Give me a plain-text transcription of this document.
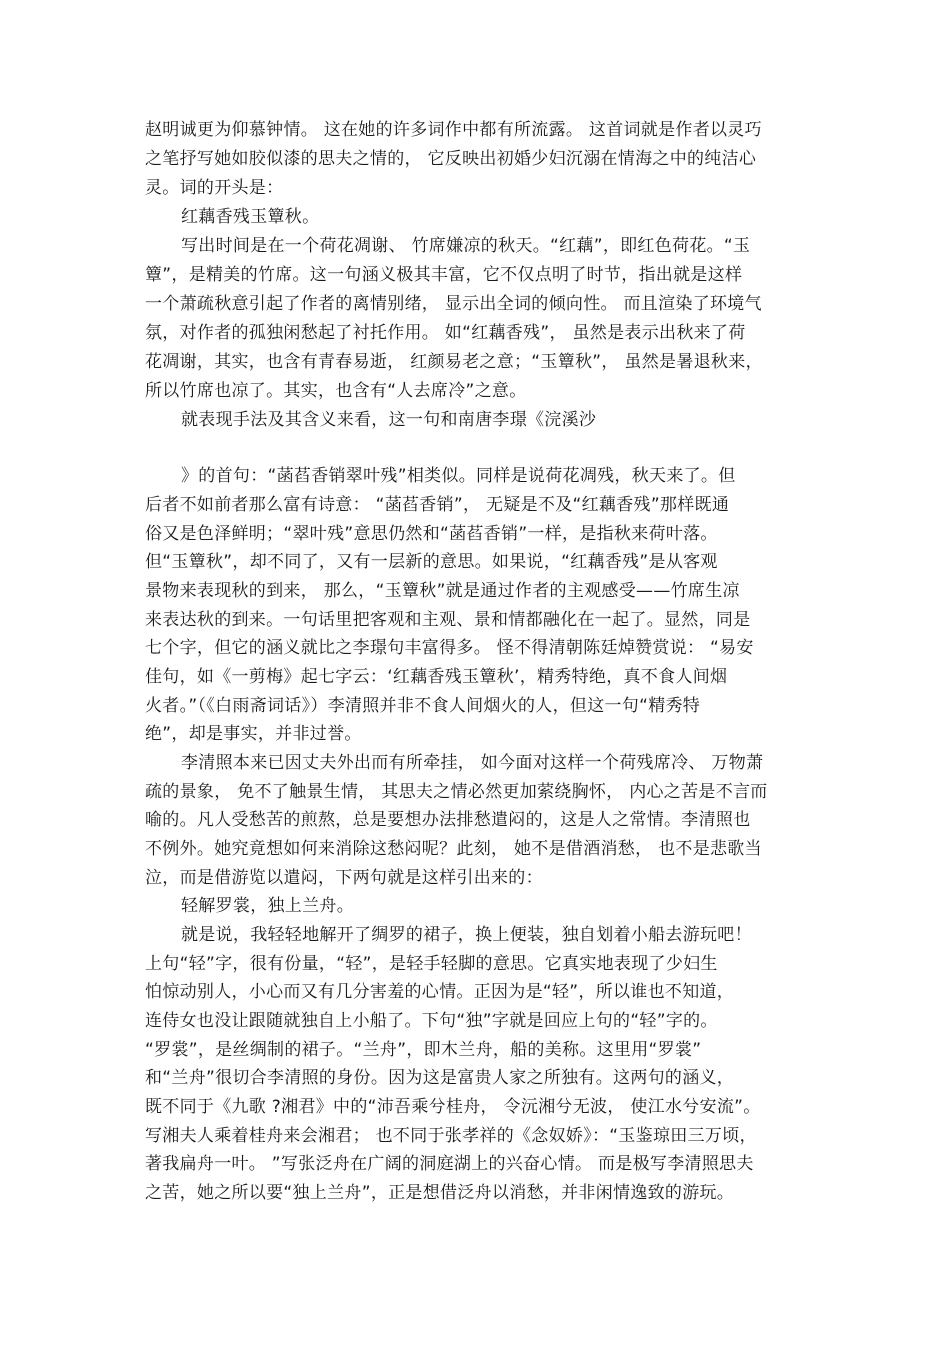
赵明诚更为仰慕钟情。 这在她的许多词作中都有所流露。 这首词就是作者以灵巧
之笔抒写她如胶似漆的思夫之情的， 它反映出初婚少妇沉溺在情海之中的纯洁心
灵。词的开头是：
红藕香残玉簟秋。
写出时间是在一个荷花凋谢、 竹席嫌凉的秋天。“红藕”，即红色荷花。“玉
簟”，是精美的竹席。这一句涵义极其丰富，它不仅点明了时节，指出就是这样
一个萧疏秋意引起了作者的离情别绪， 显示出全词的倾向性。 而且渲染了环境气
氛，对作者的孤独闲愁起了衬托作用。 如“红藕香残”， 虽然是表示出秋来了荷
花凋谢，其实，也含有青春易逝， 红颜易老之意；“玉簟秋”， 虽然是暑退秋来，
所以竹席也凉了。其实，也含有“人去席冷”之意。
就表现手法及其含义来看，这一句和南唐李璟《浣溪沙
》的首句：“菡萏香销翠叶残”相类似。同样是说荷花凋残，秋天来了。但
后者不如前者那么富有诗意： “菡萏香销”， 无疑是不及“红藕香残”那样既通
俗又是色泽鲜明；“翠叶残”意思仍然和“菡萏香销”一样，是指秋来荷叶落。
但“玉簟秋”，却不同了，又有一层新的意思。如果说，“红藕香残”是从客观
景物来表现秋的到来， 那么，“玉簟秋”就是通过作者的主观感受——竹席生凉
来表达秋的到来。一句话里把客观和主观、景和情都融化在一起了。显然，同是
七个字，但它的涵义就比之李璟句丰富得多。 怪不得清朝陈廷焯赞赏说： “易安
佳句，如《一剪梅》起七字云：‘红藕香残玉簟秋’，精秀特绝，真不食人间烟
火者。”（《白雨斋词话》）李清照并非不食人间烟火的人，但这一句“精秀特
绝”，却是事实，并非过誉。
李清照本来已因丈夫外出而有所牵挂， 如今面对这样一个荷残席冷、 万物萧
疏的景象， 免不了触景生情， 其思夫之情必然更加萦绕胸怀， 内心之苦是不言而
喻的。凡人受愁苦的煎熬，总是要想办法排愁遣闷的，这是人之常情。李清照也
不例外。她究竟想如何来消除这愁闷呢？此刻， 她不是借酒消愁， 也不是悲歌当
泣，而是借游览以遣闷，下两句就是这样引出来的：
轻解罗裳，独上兰舟。
就是说，我轻轻地解开了绸罗的裙子，换上便装，独自划着小船去游玩吧！
上句“轻”字，很有份量，“轻”，是轻手轻脚的意思。它真实地表现了少妇生
怕惊动别人，小心而又有几分害羞的心情。正因为是“轻”，所以谁也不知道，
连侍女也没让跟随就独自上小船了。下句“独”字就是回应上句的“轻”字的。
“罗裳”，是丝绸制的裙子。“兰舟”，即木兰舟，船的美称。这里用“罗裳”
和“兰舟”很切合李清照的身份。因为这是富贵人家之所独有。这两句的涵义，
既不同于《九歌 ?湘君》中的“沛吾乘兮桂舟， 令沅湘兮无波， 使江水兮安流”。
写湘夫人乘着桂舟来会湘君； 也不同于张孝祥的《念奴娇》：“玉鉴琼田三万顷，
著我扁舟一叶。 ”写张泛舟在广阔的洞庭湖上的兴奋心情。 而是极写李清照思夫
之苦，她之所以要“独上兰舟”，正是想借泛舟以消愁，并非闲情逸致的游玩。
